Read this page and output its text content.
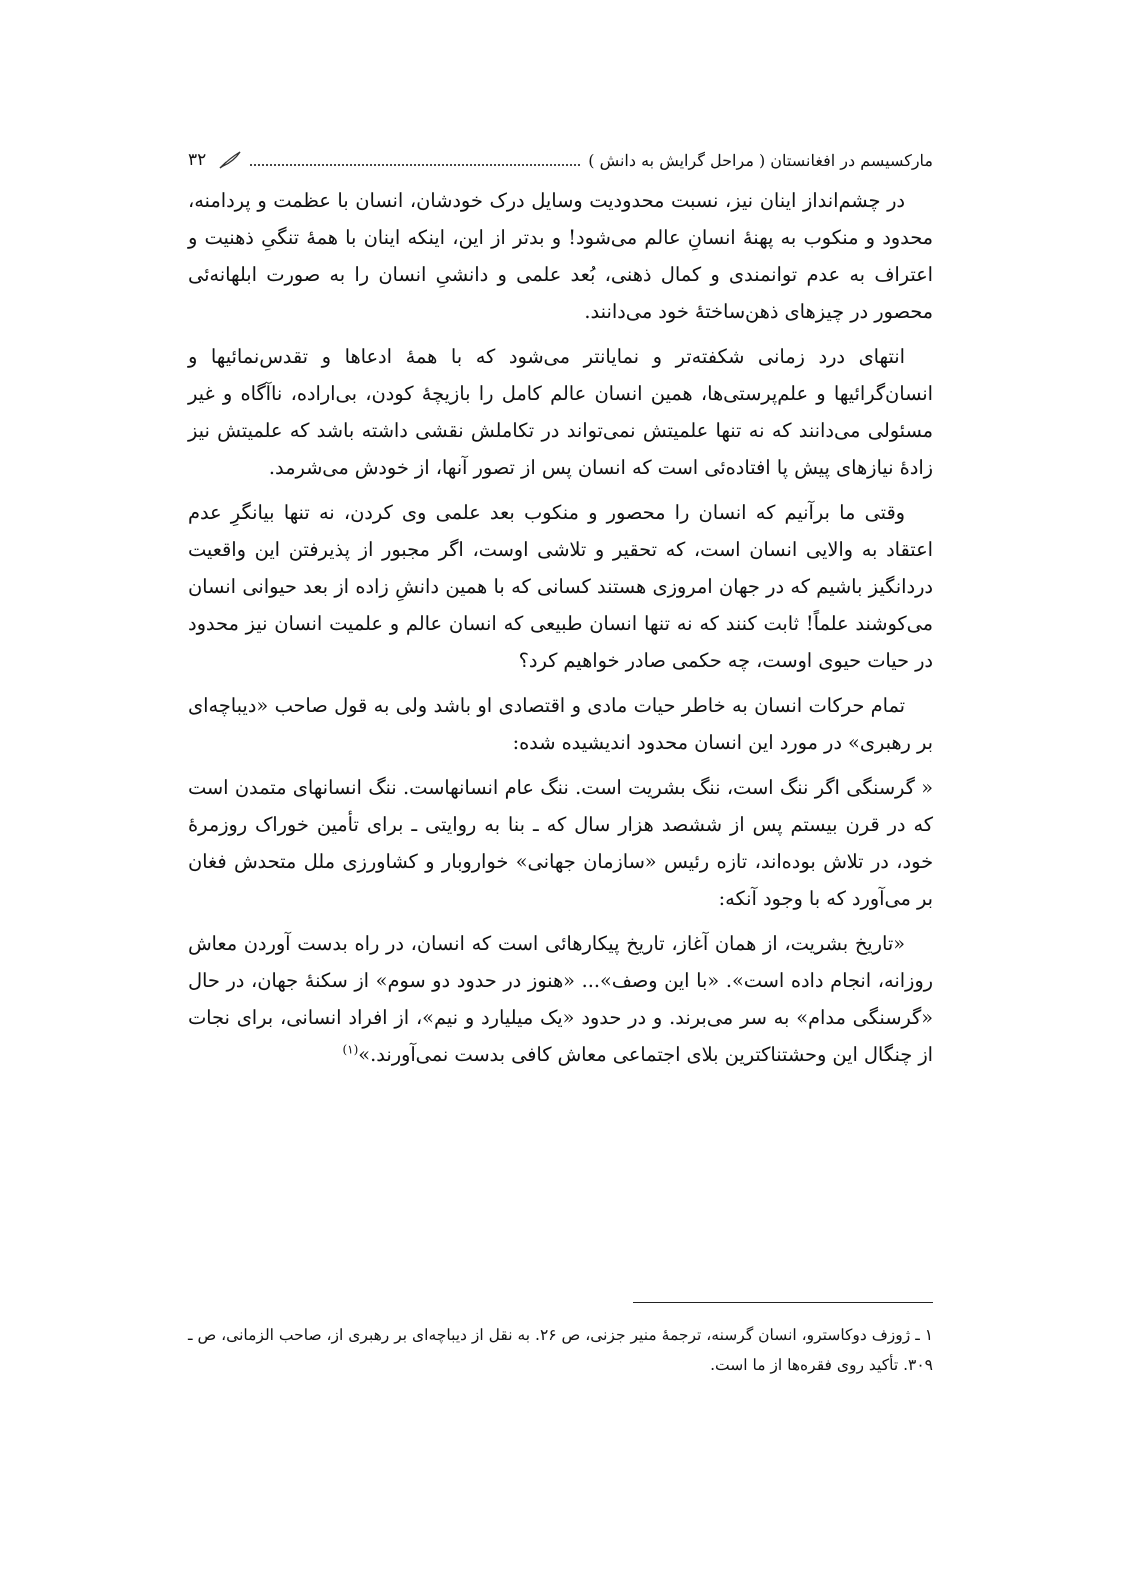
مارکسیسم در افغانستان ( مراحل گرایش به دانش )
۳۲

در چشم‌انداز اینان نیز، نسبت محدودیت وسایل درک خودشان، انسان با عظمت و پردامنه، محدود و منکوب به پهنهٔ انسانِ عالم می‌شود! و بدتر از این، اینکه اینان با همهٔ تنگیِ ذهنیت و اعتراف به عدم توانمندی و کمال ذهنی، بُعد علمی و دانشیِ انسان را به صورت ابلهانه‌ئی محصور در چیزهای ذهن‌ساختهٔ خود می‌دانند.

انتهای درد زمانی شکفته‌تر و نمایانتر می‌شود که با همهٔ ادعاها و تقدس‌نمائیها و انسان‌گرائیها و علم‌پرستی‌ها، همین انسان عالم کامل را بازیچهٔ کودن، بی‌اراده، ناآگاه و غیر مسئولی می‌دانند که نه تنها علمیتش نمی‌تواند در تکاملش نقشی داشته باشد که علمیتش نیز زادهٔ نیازهای پیش پا افتاده‌ئی است که انسان پس از تصور آنها، از خودش می‌شرمد.

وقتی ما برآنیم که انسان را محصور و منکوب بعد علمی وی کردن، نه تنها بیانگرِ عدم اعتقاد به والایی انسان است، که تحقیر و تلاشی اوست، اگر مجبور از پذیرفتن این واقعیت دردانگیز باشیم که در جهان امروزی هستند کسانی که با همین دانشِ زاده از بعد حیوانی انسان می‌کوشند علماً! ثابت کنند که نه تنها انسان طبیعی که انسان عالم و علمیت انسان نیز محدود در حیات حیوی اوست، چه حکمی صادر خواهیم کرد؟

تمام حرکات انسان به خاطر حیات مادی و اقتصادی او باشد ولی به قول صاحب «دیباچه‌ای بر رهبری» در مورد این انسان محدود اندیشیده شده:

« گرسنگی اگر ننگ است، ننگ بشریت است. ننگ عام انسانهاست. ننگ انسانهای متمدن است که در قرن بیستم پس از ششصد هزار سال که ـ بنا به روایتی ـ برای تأمین خوراک روزمرهٔ خود، در تلاش بوده‌اند، تازه رئیس «سازمان جهانی» خواروبار و کشاورزی ملل متحدش فغان بر می‌آورد که با وجود آنکه:

«تاریخ بشریت، از همان آغاز، تاریخ پیکارهائی است که انسان، در راه بدست آوردن معاش روزانه، انجام داده است». «با این وصف»... «هنوز در حدود دو سوم» از سکنهٔ جهان، در حال «گرسنگی مدام» به سر می‌برند. و در حدود «یک میلیارد و نیم»، از افراد انسانی، برای نجات از چنگال این وحشتناکترین بلای اجتماعی معاش کافی بدست نمی‌آورند.»$^{(۱)}$

۱ ـ ژوزف دوکاسترو، انسان گرسنه، ترجمهٔ منیر جزنی، ص ۲۶. به نقل از دیباچه‌ای بر رهبری از، صاحب الزمانی، ص ـ ۳۰۹. تأکید روی فقره‌ها از ما است.
